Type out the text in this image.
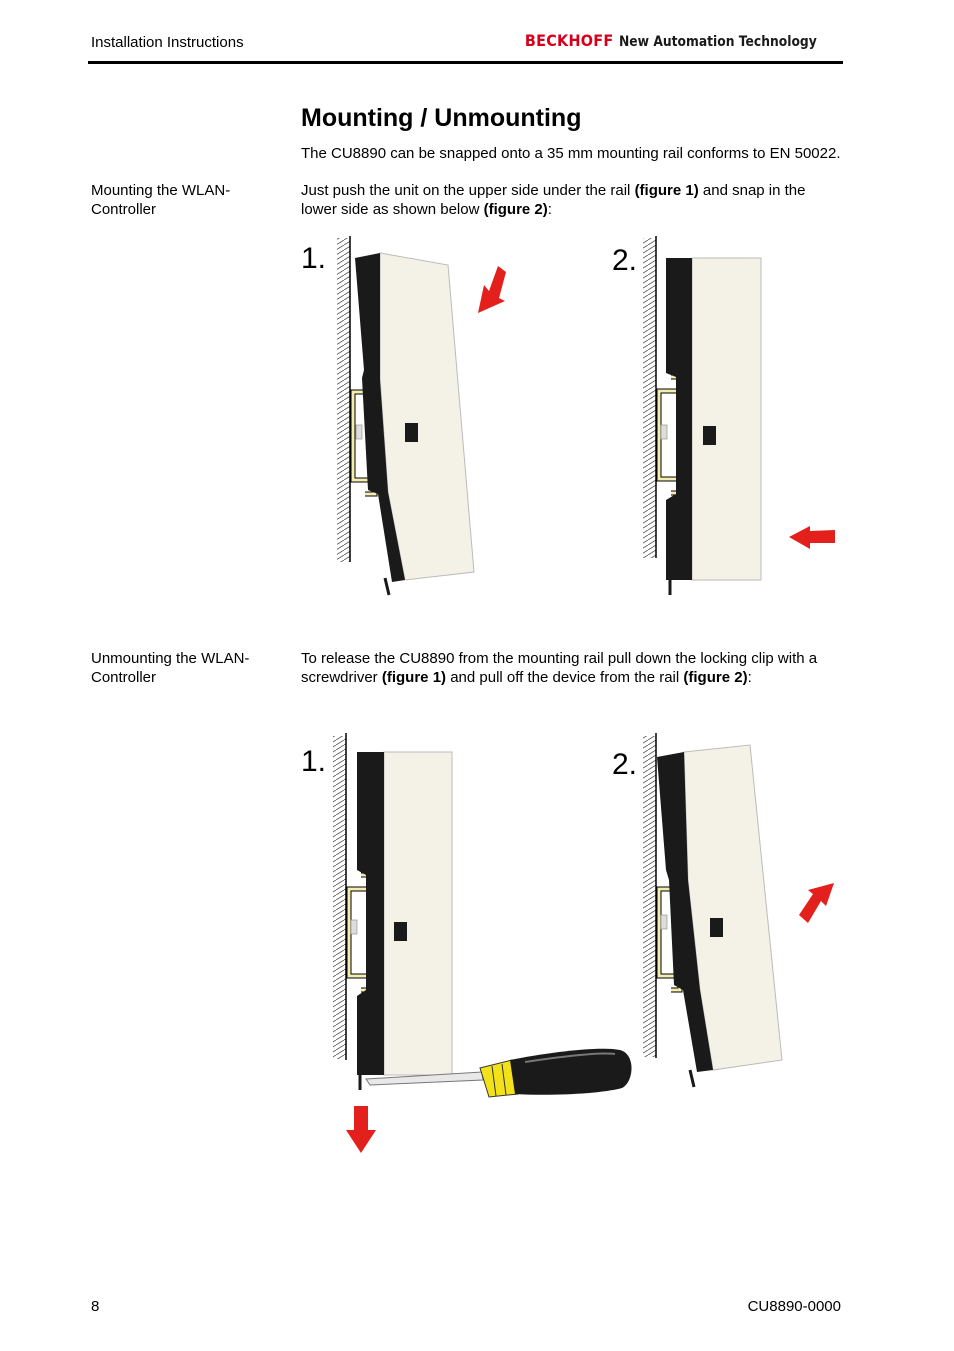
Installation Instructions	BECKHOFF New Automation Technology
Mounting / Unmounting
The CU8890 can be snapped onto a 35 mm mounting rail conforms to EN 50022.
Mounting the WLAN-Controller
Just push the unit on the upper side under the rail (figure 1) and snap in the lower side as shown below (figure 2):
1.	2.
Unmounting the WLAN-Controller
To release the CU8890 from the mounting rail pull down the locking clip with a screwdriver (figure 1) and pull off the device from the rail (figure 2):
1.	2.
8	CU8890-0000
